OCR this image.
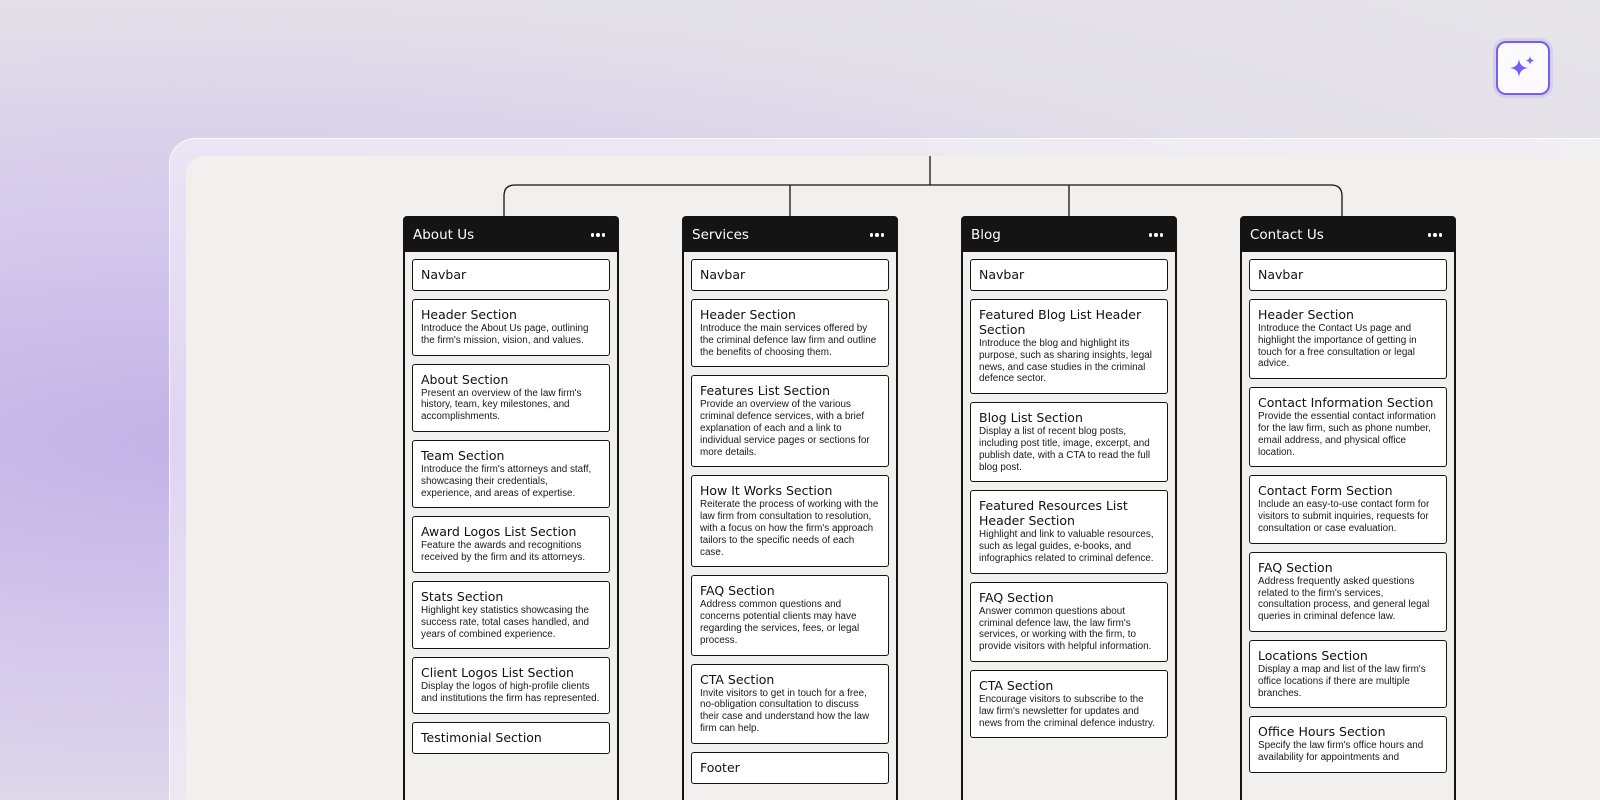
About Us
Navbar
Header Section
Introduce the About Us page, outlining the firm's mission, vision, and values.
About Section
Present an overview of the law firm's history, team, key milestones, and accomplishments.
Team Section
Introduce the firm's attorneys and staff, showcasing their credentials, experience, and areas of expertise.
Award Logos List Section
Feature the awards and recognitions received by the firm and its attorneys.
Stats Section
Highlight key statistics showcasing the success rate, total cases handled, and years of combined experience.
Client Logos List Section
Display the logos of high-profile clients and institutions the firm has represented.
Testimonial Section
Services
Navbar
Header Section
Introduce the main services offered by the criminal defence law firm and outline the benefits of choosing them.
Features List Section
Provide an overview of the various criminal defence services, with a brief explanation of each and a link to individual service pages or sections for more details.
How It Works Section
Reiterate the process of working with the law firm from consultation to resolution, with a focus on how the firm's approach tailors to the specific needs of each case.
FAQ Section
Address common questions and concerns potential clients may have regarding the services, fees, or legal process.
CTA Section
Invite visitors to get in touch for a free, no-obligation consultation to discuss their case and understand how the law firm can help.
Footer
Blog
Navbar
Featured Blog List Header Section
Introduce the blog and highlight its purpose, such as sharing insights, legal news, and case studies in the criminal defence sector.
Blog List Section
Display a list of recent blog posts, including post title, image, excerpt, and publish date, with a CTA to read the full blog post.
Featured Resources List Header Section
Highlight and link to valuable resources, such as legal guides, e-books, and infographics related to criminal defence.
FAQ Section
Answer common questions about criminal defence law, the law firm's services, or working with the firm, to provide visitors with helpful information.
CTA Section
Encourage visitors to subscribe to the law firm's newsletter for updates and news from the criminal defence industry.
Contact Us
Navbar
Header Section
Introduce the Contact Us page and highlight the importance of getting in touch for a free consultation or legal advice.
Contact Information Section
Provide the essential contact information for the law firm, such as phone number, email address, and physical office location.
Contact Form Section
Include an easy-to-use contact form for visitors to submit inquiries, requests for consultation or case evaluation.
FAQ Section
Address frequently asked questions related to the firm's services, consultation process, and general legal queries in criminal defence law.
Locations Section
Display a map and list of the law firm's office locations if there are multiple branches.
Office Hours Section
Specify the law firm's office hours and availability for appointments and
